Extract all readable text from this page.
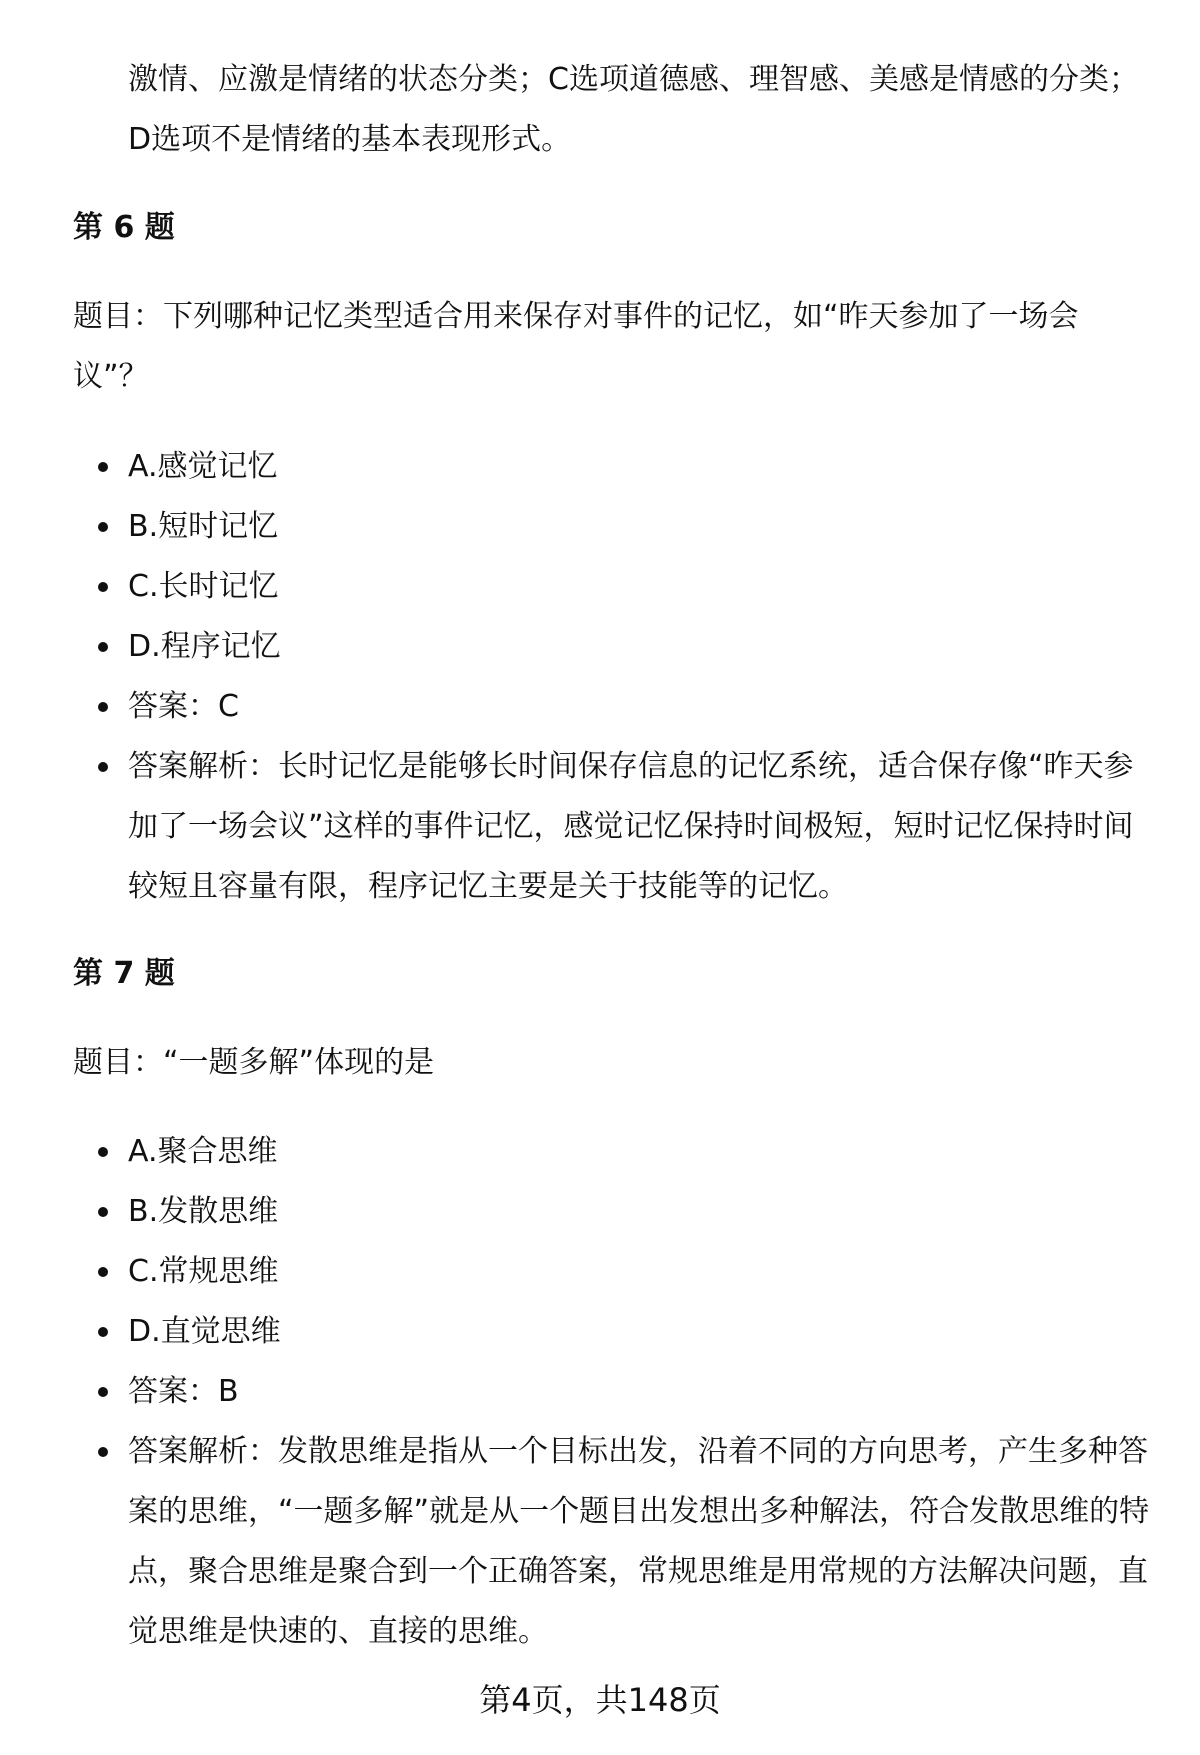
激情、应激是情绪的状态分类；C选项道德感、理智感、美感是情感的分类；D选项不是情绪的基本表现形式。

第 6 题

题目：下列哪种记忆类型适合用来保存对事件的记忆，如“昨天参加了一场会议”？

A.感觉记忆
B.短时记忆
C.长时记忆
D.程序记忆
答案：C
答案解析：长时记忆是能够长时间保存信息的记忆系统，适合保存像“昨天参加了一场会议”这样的事件记忆，感觉记忆保持时间极短，短时记忆保持时间较短且容量有限，程序记忆主要是关于技能等的记忆。

第 7 题

题目：“一题多解”体现的是

A.聚合思维
B.发散思维
C.常规思维
D.直觉思维
答案：B
答案解析：发散思维是指从一个目标出发，沿着不同的方向思考，产生多种答案的思维，“一题多解”就是从一个题目出发想出多种解法，符合发散思维的特点，聚合思维是聚合到一个正确答案，常规思维是用常规的方法解决问题，直觉思维是快速的、直接的思维。
第4页，共148页
